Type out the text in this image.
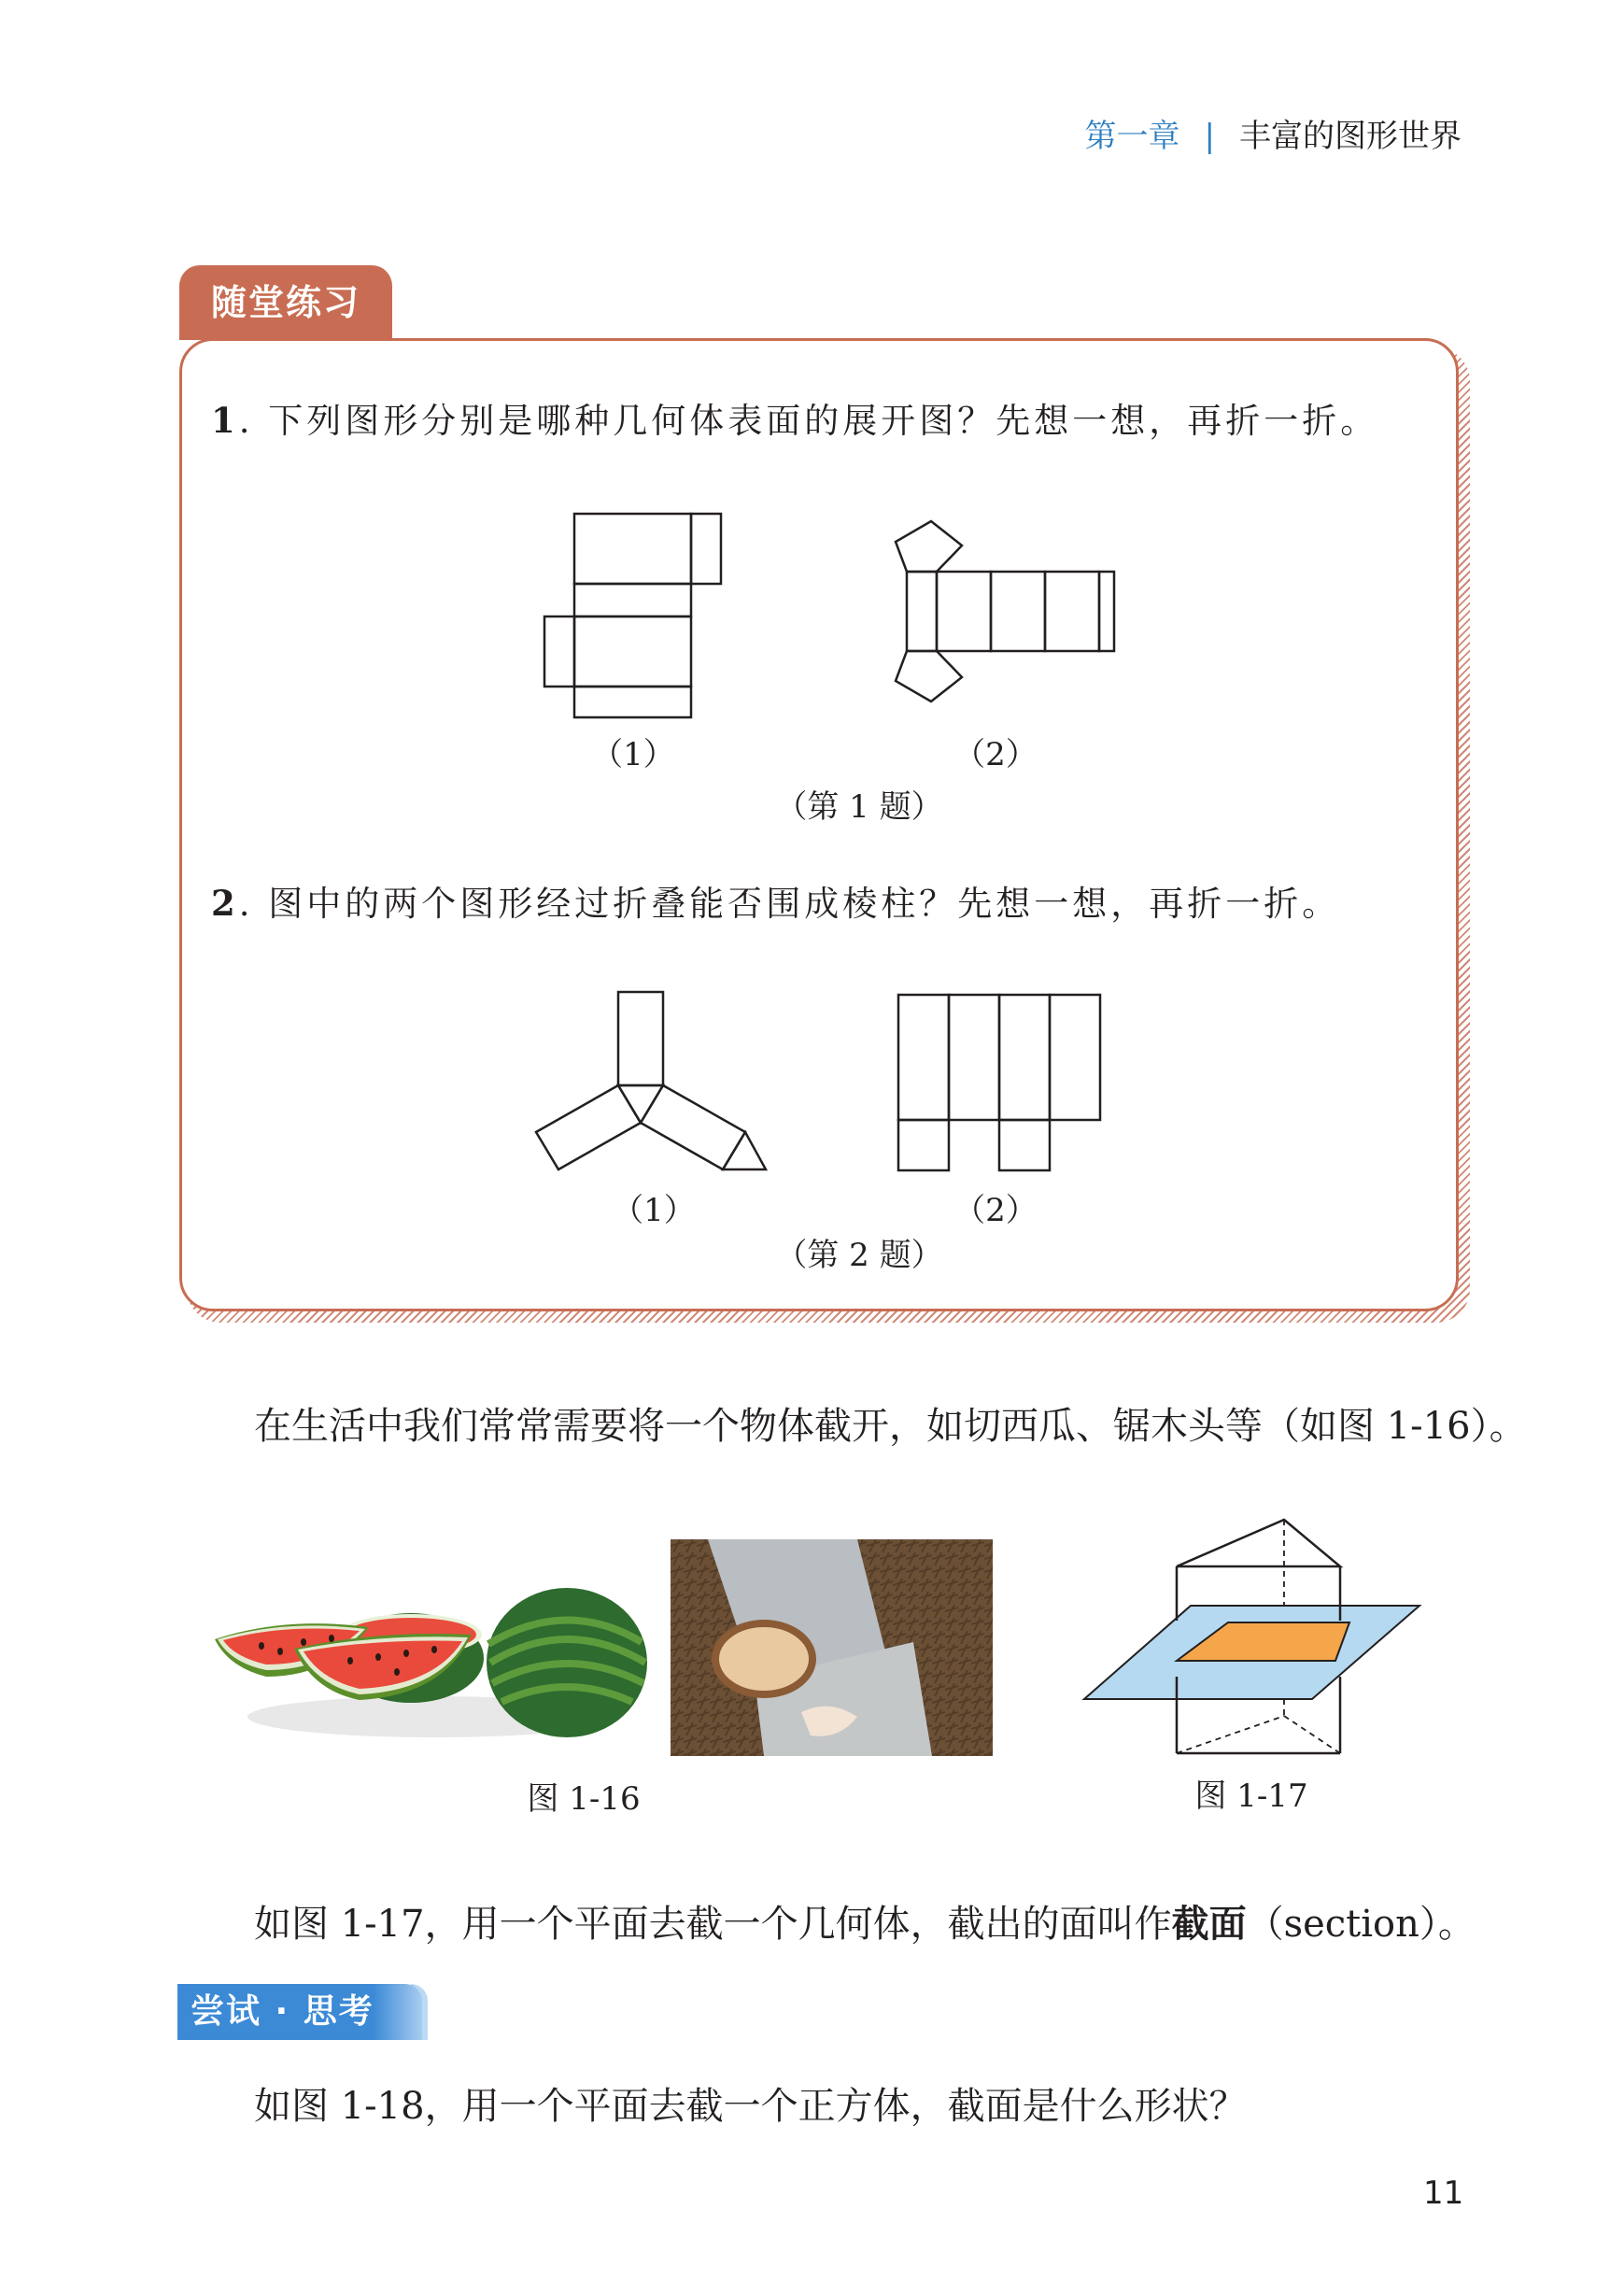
第一章 | 丰富的图形世界
随堂练习
1. 下列图形分别是哪种几何体表面的展开图？先想一想，再折一折。
（1）	（2）
（第 1 题）
2. 图中的两个图形经过折叠能否围成棱柱？先想一想，再折一折。
（1）	（2）
（第 2 题）
在生活中我们常常需要将一个物体截开，如切西瓜、锯木头等（如图 1-16）。
图 1-16	图 1-17
如图 1-17，用一个平面去截一个几何体，截出的面叫作截面（section）。
尝试 · 思考
如图 1-18，用一个平面去截一个正方体，截面是什么形状？
11
